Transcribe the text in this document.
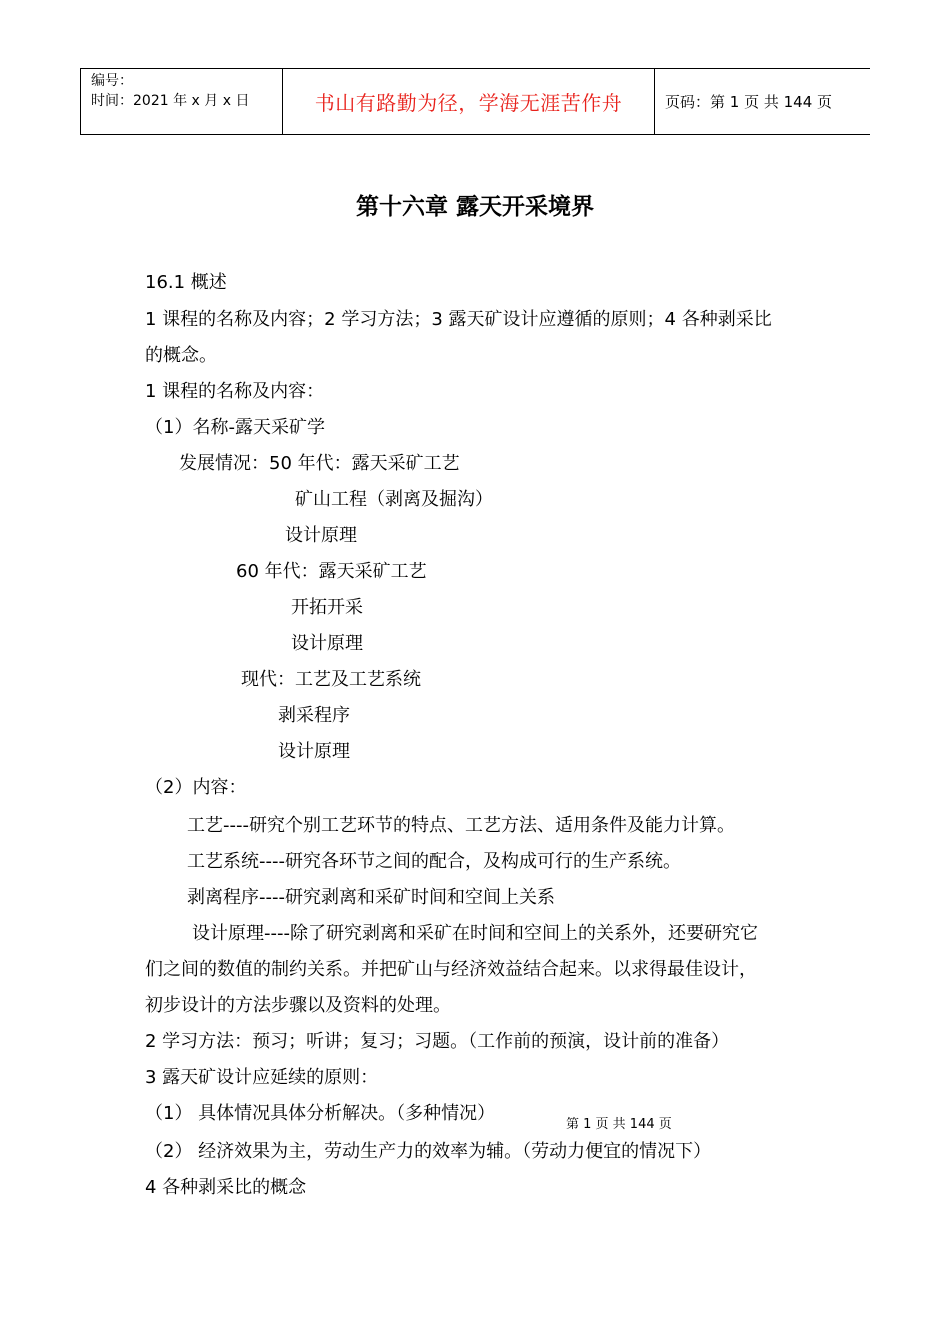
编号：
时间：2021 年 x 月 x 日	书山有路勤为径，学海无涯苦作舟	页码：第 1 页 共 144 页
第十六章 露天开采境界
16.1 概述
1 课程的名称及内容；2 学习方法；3 露天矿设计应遵循的原则；4 各种剥采比
的概念。
1 课程的名称及内容：
（1）名称-露天采矿学
发展情况：50 年代：露天采矿工艺
矿山工程（剥离及掘沟）
设计原理
60 年代：露天采矿工艺
开拓开采
设计原理
现代：工艺及工艺系统
剥采程序
设计原理
（2）内容：
工艺----研究个别工艺环节的特点、工艺方法、适用条件及能力计算。
工艺系统----研究各环节之间的配合，及构成可行的生产系统。
剥离程序----研究剥离和采矿时间和空间上关系
设计原理----除了研究剥离和采矿在时间和空间上的关系外，还要研究它
们之间的数值的制约关系。并把矿山与经济效益结合起来。以求得最佳设计，
初步设计的方法步骤以及资料的处理。
2 学习方法：预习；听讲；复习；习题。（工作前的预演，设计前的准备）
3 露天矿设计应延续的原则：
（1） 具体情况具体分析解决。（多种情况）
（2） 经济效果为主，劳动生产力的效率为辅。（劳动力便宜的情况下）
4 各种剥采比的概念
第 1 页 共 144 页
